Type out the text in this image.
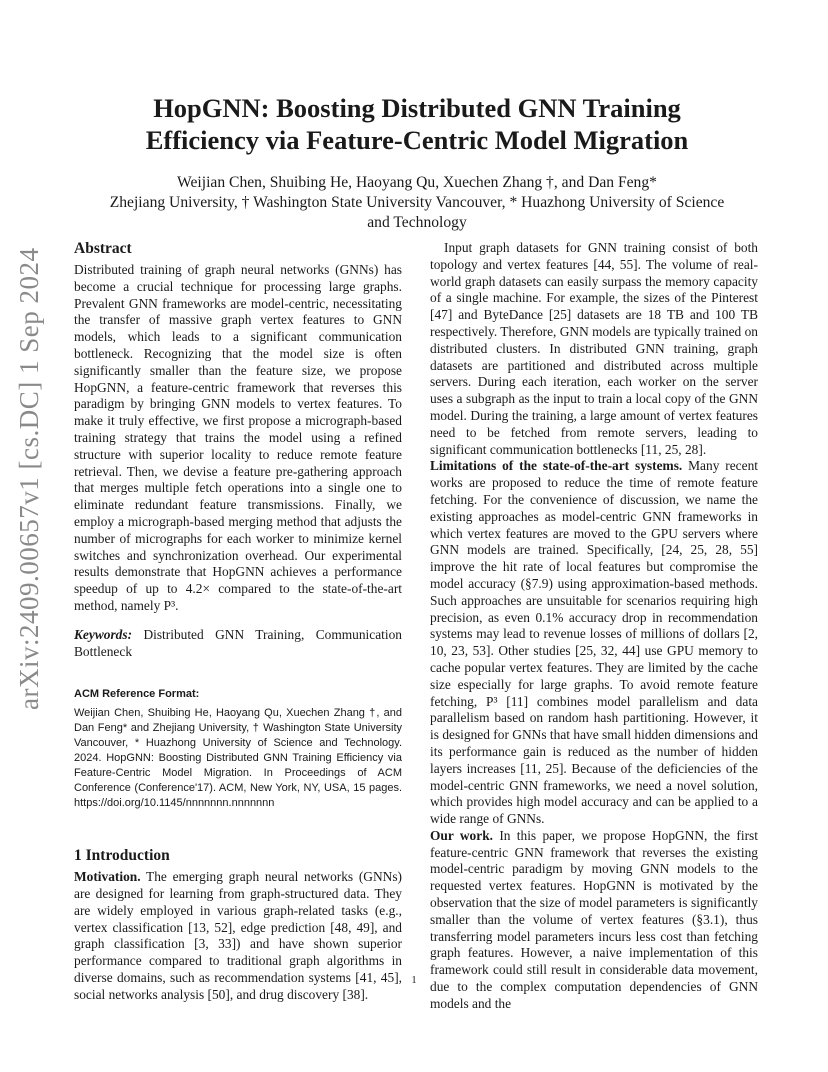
arXiv:2409.00657v1 [cs.DC] 1 Sep 2024
HopGNN: Boosting Distributed GNN Training
Efficiency via Feature-Centric Model Migration
Weijian Chen, Shuibing He, Haoyang Qu, Xuechen Zhang †, and Dan Feng*
Zhejiang University, † Washington State University Vancouver, * Huazhong University of Science
and Technology
Abstract

Distributed training of graph neural networks (GNNs) has become a crucial technique for processing large graphs. Prevalent GNN frameworks are model-centric, necessitating the transfer of massive graph vertex features to GNN models, which leads to a significant communication bottleneck. Recognizing that the model size is often significantly smaller than the feature size, we propose HopGNN, a feature-centric framework that reverses this paradigm by bringing GNN models to vertex features. To make it truly effective, we first propose a micrograph-based training strategy that trains the model using a refined structure with superior locality to reduce remote feature retrieval. Then, we devise a feature pre-gathering approach that merges multiple fetch operations into a single one to eliminate redundant feature transmissions. Finally, we employ a micrograph-based merging method that adjusts the number of micrographs for each worker to minimize kernel switches and synchronization overhead. Our experimental results demonstrate that HopGNN achieves a performance speedup of up to 4.2× compared to the state-of-the-art method, namely P³.

Keywords: Distributed GNN Training, Communication Bottleneck

ACM Reference Format:

Weijian Chen, Shuibing He, Haoyang Qu, Xuechen Zhang †, and Dan Feng* and Zhejiang University, † Washington State University Vancouver, * Huazhong University of Science and Technology. 2024. HopGNN: Boosting Distributed GNN Training Efficiency via Feature-Centric Model Migration. In Proceedings of ACM Conference (Conference'17). ACM, New York, NY, USA, 15 pages. https://doi.org/10.1145/nnnnnnn.nnnnnnn

1 Introduction

Motivation. The emerging graph neural networks (GNNs) are designed for learning from graph-structured data. They are widely employed in various graph-related tasks (e.g., vertex classification [13, 52], edge prediction [48, 49], and graph classification [3, 33]) and have shown superior performance compared to traditional graph algorithms in diverse domains, such as recommendation systems [41, 45], social networks analysis [50], and drug discovery [38].

Input graph datasets for GNN training consist of both topology and vertex features [44, 55]. The volume of real-world graph datasets can easily surpass the memory capacity of a single machine. For example, the sizes of the Pinterest [47] and ByteDance [25] datasets are 18 TB and 100 TB respectively. Therefore, GNN models are typically trained on distributed clusters. In distributed GNN training, graph datasets are partitioned and distributed across multiple servers. During each iteration, each worker on the server uses a subgraph as the input to train a local copy of the GNN model. During the training, a large amount of vertex features need to be fetched from remote servers, leading to significant communication bottlenecks [11, 25, 28].

Limitations of the state-of-the-art systems. Many recent works are proposed to reduce the time of remote feature fetching. For the convenience of discussion, we name the existing approaches as model-centric GNN frameworks in which vertex features are moved to the GPU servers where GNN models are trained. Specifically, [24, 25, 28, 55] improve the hit rate of local features but compromise the model accuracy (§7.9) using approximation-based methods. Such approaches are unsuitable for scenarios requiring high precision, as even 0.1% accuracy drop in recommendation systems may lead to revenue losses of millions of dollars [2, 10, 23, 53]. Other studies [25, 32, 44] use GPU memory to cache popular vertex features. They are limited by the cache size especially for large graphs. To avoid remote feature fetching, P³ [11] combines model parallelism and data parallelism based on random hash partitioning. However, it is designed for GNNs that have small hidden dimensions and its performance gain is reduced as the number of hidden layers increases [11, 25]. Because of the deficiencies of the model-centric GNN frameworks, we need a novel solution, which provides high model accuracy and can be applied to a wide range of GNNs.

Our work. In this paper, we propose HopGNN, the first feature-centric GNN framework that reverses the existing model-centric paradigm by moving GNN models to the requested vertex features. HopGNN is motivated by the observation that the size of model parameters is significantly smaller than the volume of vertex features (§3.1), thus transferring model parameters incurs less cost than fetching graph features. However, a naive implementation of this framework could still result in considerable data movement, due to the complex computation dependencies of GNN models and the

1
